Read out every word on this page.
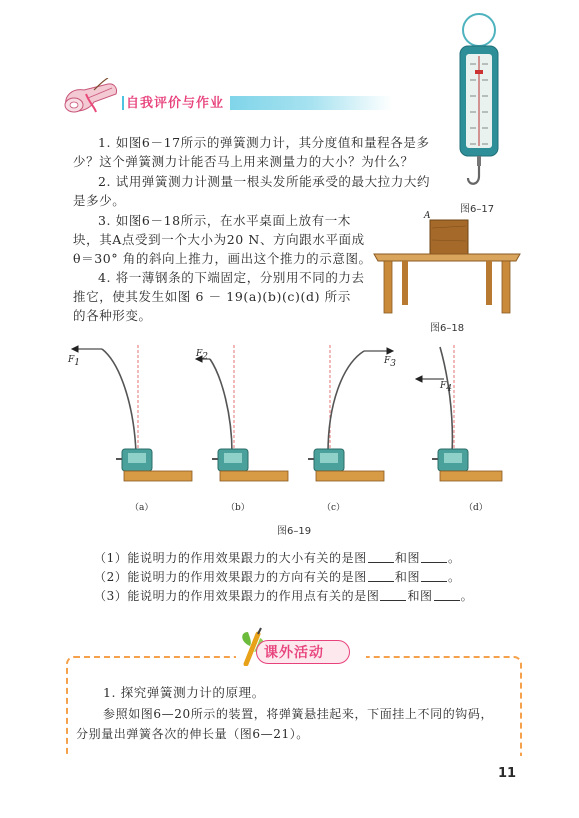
自我评价与作业
图6–17
1. 如图6－17所示的弹簧测力计，其分度值和量程各是多少？这个弹簧测力计能否马上用来测量力的大小？为什么？
2. 试用弹簧测力计测量一根头发所能承受的最大拉力大约是多少。
3. 如图6－18所示，在水平桌面上放有一木
块，其A点受到一个大小为20 N、方向跟水平面成
θ＝30° 角的斜向上推力，画出这个推力的示意图。
4. 将一薄钢条的下端固定，分别用不同的力去
推它，使其发生如图 6 － 19(a)(b)(c)(d) 所示
的各种形变。
A
图6–18
$F_1$
$F_2$	$F_3$
$F_4$
（a）	（b）	（c）	（d）
图6–19
（1）能说明力的作用效果跟力的大小有关的是图 和图 。
（2）能说明力的作用效果跟力的方向有关的是图 和图 。
（3）能说明力的作用效果跟力的作用点有关的是图 和图 。
课外活动
1. 探究弹簧测力计的原理。
参照如图6—20所示的装置，将弹簧悬挂起来，下面挂上不同的钩码，
分别量出弹簧各次的伸长量（图6—21）。
11
